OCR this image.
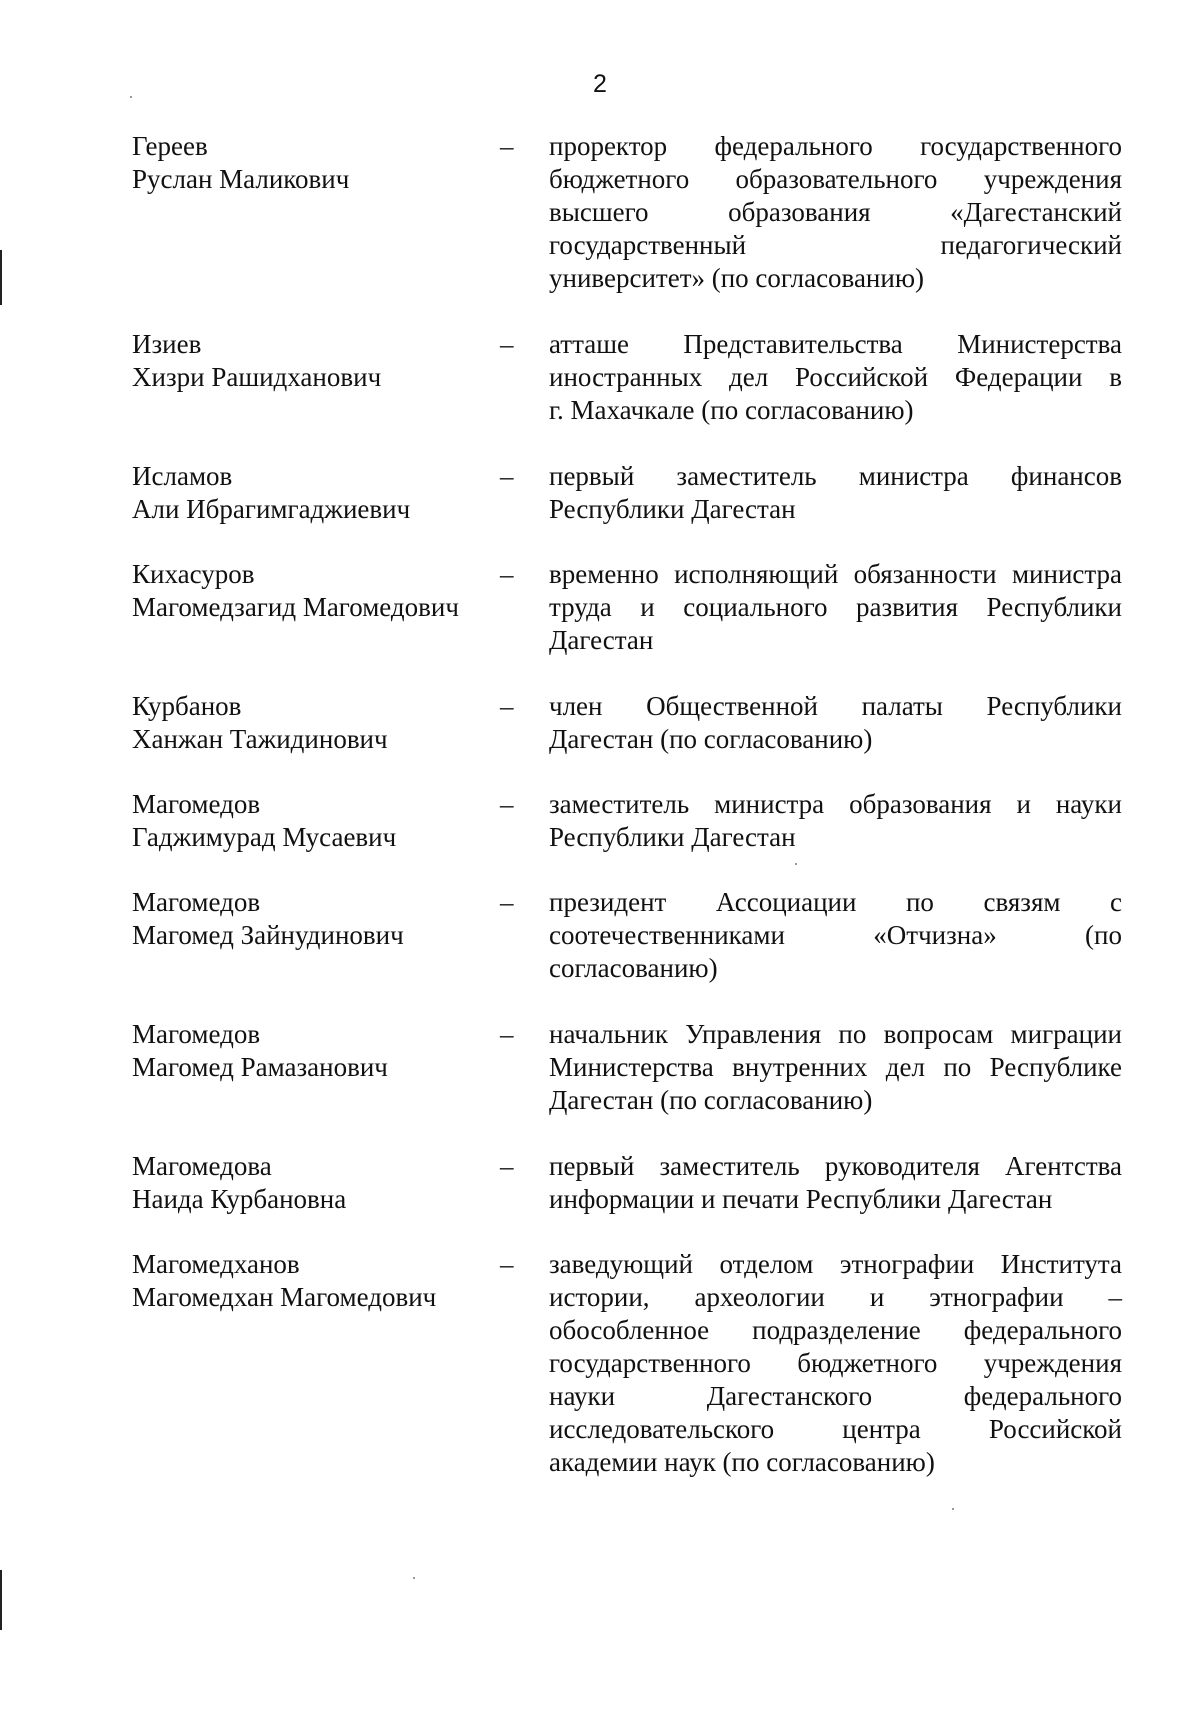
2
Гереев
Руслан Маликович
– проректор федерального государственного
бюджетного образовательного учреждения
высшего образования «Дагестанский
государственный педагогический
университет» (по согласованию)
Изиев
Хизри Рашидханович
– атташе Представительства Министерства
иностранных дел Российской Федерации в
г. Махачкале (по согласованию)
Исламов
Али Ибрагимгаджиевич
– первый заместитель министра финансов
Республики Дагестан
Кихасуров
Магомедзагид Магомедович
– временно исполняющий обязанности министра
труда и социального развития Республики
Дагестан
Курбанов
Ханжан Тажидинович
– член Общественной палаты Республики
Дагестан (по согласованию)
Магомедов
Гаджимурад Мусаевич
– заместитель министра образования и науки
Республики Дагестан
Магомедов
Магомед Зайнудинович
– президент Ассоциации по связям с
соотечественниками «Отчизна» (по
согласованию)
Магомедов
Магомед Рамазанович
– начальник Управления по вопросам миграции
Министерства внутренних дел по Республике
Дагестан (по согласованию)
Магомедова
Наида Курбановна
– первый заместитель руководителя Агентства
информации и печати Республики Дагестан
Магомедханов
Магомедхан Магомедович
– заведующий отделом этнографии Института
истории, археологии и этнографии –
обособленное подразделение федерального
государственного бюджетного учреждения
науки Дагестанского федерального
исследовательского центра Российской
академии наук (по согласованию)
